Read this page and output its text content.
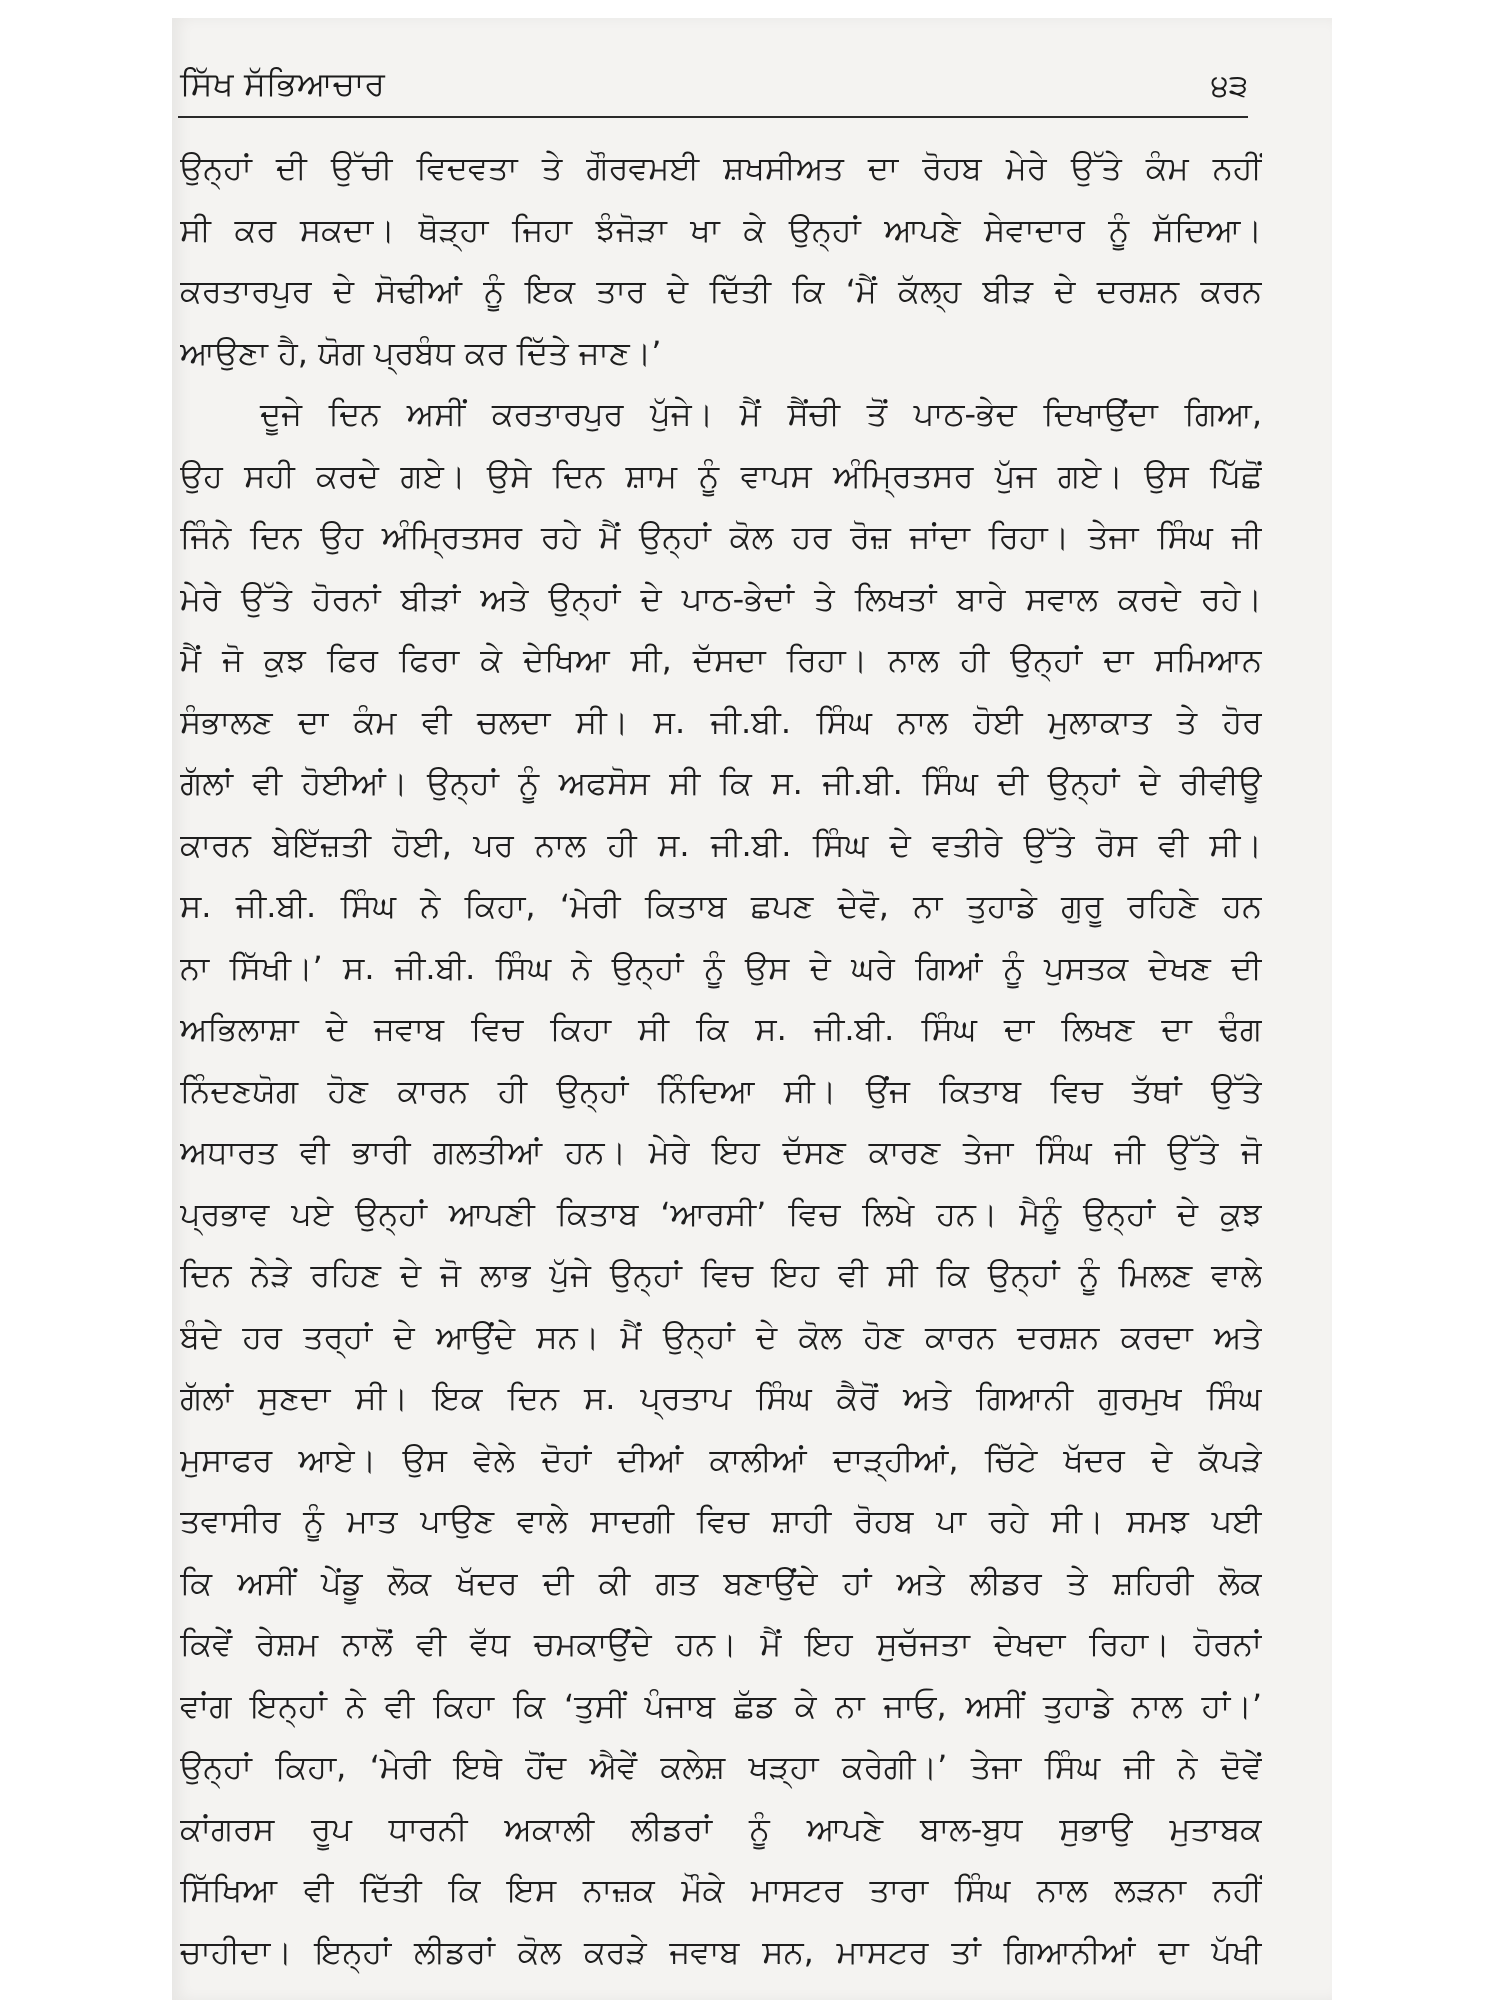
ਸਿੱਖ ਸੱਭਿਆਚਾਰ	੪੩
ਉਨ੍ਹਾਂ ਦੀ ਉੱਚੀ ਵਿਦਵਤਾ ਤੇ ਗੌਰਵਮਈ ਸ਼ਖਸੀਅਤ ਦਾ ਰੋਹਬ ਮੇਰੇ ਉੱਤੇ ਕੰਮ ਨਹੀਂ
ਸੀ ਕਰ ਸਕਦਾ। ਥੋੜ੍ਹਾ ਜਿਹਾ ਝੰਜੋੜਾ ਖਾ ਕੇ ਉਨ੍ਹਾਂ ਆਪਣੇ ਸੇਵਾਦਾਰ ਨੂੰ ਸੱਦਿਆ।
ਕਰਤਾਰਪੁਰ ਦੇ ਸੋਢੀਆਂ ਨੂੰ ਇਕ ਤਾਰ ਦੇ ਦਿੱਤੀ ਕਿ ‘ਮੈਂ ਕੱਲ੍ਹ ਬੀੜ ਦੇ ਦਰਸ਼ਨ ਕਰਨ
ਆਉਣਾ ਹੈ, ਯੋਗ ਪ੍ਰਬੰਧ ਕਰ ਦਿੱਤੇ ਜਾਣ।’
ਦੂਜੇ ਦਿਨ ਅਸੀਂ ਕਰਤਾਰਪੁਰ ਪੁੱਜੇ। ਮੈਂ ਸੈਂਚੀ ਤੋਂ ਪਾਠ-ਭੇਦ ਦਿਖਾਉਂਦਾ ਗਿਆ,
ਉਹ ਸਹੀ ਕਰਦੇ ਗਏ। ਉਸੇ ਦਿਨ ਸ਼ਾਮ ਨੂੰ ਵਾਪਸ ਅੰਮ੍ਰਿਤਸਰ ਪੁੱਜ ਗਏ। ਉਸ ਪਿੱਛੋਂ
ਜਿੰਨੇ ਦਿਨ ਉਹ ਅੰਮ੍ਰਿਤਸਰ ਰਹੇ ਮੈਂ ਉਨ੍ਹਾਂ ਕੋਲ ਹਰ ਰੋਜ਼ ਜਾਂਦਾ ਰਿਹਾ। ਤੇਜਾ ਸਿੰਘ ਜੀ
ਮੇਰੇ ਉੱਤੇ ਹੋਰਨਾਂ ਬੀੜਾਂ ਅਤੇ ਉਨ੍ਹਾਂ ਦੇ ਪਾਠ-ਭੇਦਾਂ ਤੇ ਲਿਖਤਾਂ ਬਾਰੇ ਸਵਾਲ ਕਰਦੇ ਰਹੇ।
ਮੈਂ ਜੋ ਕੁਝ ਫਿਰ ਫਿਰਾ ਕੇ ਦੇਖਿਆ ਸੀ, ਦੱਸਦਾ ਰਿਹਾ। ਨਾਲ ਹੀ ਉਨ੍ਹਾਂ ਦਾ ਸਮਿਆਨ
ਸੰਭਾਲਣ ਦਾ ਕੰਮ ਵੀ ਚਲਦਾ ਸੀ। ਸ. ਜੀ.ਬੀ. ਸਿੰਘ ਨਾਲ ਹੋਈ ਮੁਲਾਕਾਤ ਤੇ ਹੋਰ
ਗੱਲਾਂ ਵੀ ਹੋਈਆਂ। ਉਨ੍ਹਾਂ ਨੂੰ ਅਫਸੋਸ ਸੀ ਕਿ ਸ. ਜੀ.ਬੀ. ਸਿੰਘ ਦੀ ਉਨ੍ਹਾਂ ਦੇ ਰੀਵੀਊ
ਕਾਰਨ ਬੇਇੱਜ਼ਤੀ ਹੋਈ, ਪਰ ਨਾਲ ਹੀ ਸ. ਜੀ.ਬੀ. ਸਿੰਘ ਦੇ ਵਤੀਰੇ ਉੱਤੇ ਰੋਸ ਵੀ ਸੀ।
ਸ. ਜੀ.ਬੀ. ਸਿੰਘ ਨੇ ਕਿਹਾ, ‘ਮੇਰੀ ਕਿਤਾਬ ਛਪਣ ਦੇਵੋ, ਨਾ ਤੁਹਾਡੇ ਗੁਰੂ ਰਹਿਣੇ ਹਨ
ਨਾ ਸਿੱਖੀ।’ ਸ. ਜੀ.ਬੀ. ਸਿੰਘ ਨੇ ਉਨ੍ਹਾਂ ਨੂੰ ਉਸ ਦੇ ਘਰੇ ਗਿਆਂ ਨੂੰ ਪੁਸਤਕ ਦੇਖਣ ਦੀ
ਅਭਿਲਾਸ਼ਾ ਦੇ ਜਵਾਬ ਵਿਚ ਕਿਹਾ ਸੀ ਕਿ ਸ. ਜੀ.ਬੀ. ਸਿੰਘ ਦਾ ਲਿਖਣ ਦਾ ਢੰਗ
ਨਿੰਦਣਯੋਗ ਹੋਣ ਕਾਰਨ ਹੀ ਉਨ੍ਹਾਂ ਨਿੰਦਿਆ ਸੀ। ਉਂਜ ਕਿਤਾਬ ਵਿਚ ਤੱਥਾਂ ਉੱਤੇ
ਅਧਾਰਤ ਵੀ ਭਾਰੀ ਗਲਤੀਆਂ ਹਨ। ਮੇਰੇ ਇਹ ਦੱਸਣ ਕਾਰਣ ਤੇਜਾ ਸਿੰਘ ਜੀ ਉੱਤੇ ਜੋ
ਪ੍ਰਭਾਵ ਪਏ ਉਨ੍ਹਾਂ ਆਪਣੀ ਕਿਤਾਬ ‘ਆਰਸੀ’ ਵਿਚ ਲਿਖੇ ਹਨ। ਮੈਨੂੰ ਉਨ੍ਹਾਂ ਦੇ ਕੁਝ
ਦਿਨ ਨੇੜੇ ਰਹਿਣ ਦੇ ਜੋ ਲਾਭ ਪੁੱਜੇ ਉਨ੍ਹਾਂ ਵਿਚ ਇਹ ਵੀ ਸੀ ਕਿ ਉਨ੍ਹਾਂ ਨੂੰ ਮਿਲਣ ਵਾਲੇ
ਬੰਦੇ ਹਰ ਤਰ੍ਹਾਂ ਦੇ ਆਉਂਦੇ ਸਨ। ਮੈਂ ਉਨ੍ਹਾਂ ਦੇ ਕੋਲ ਹੋਣ ਕਾਰਨ ਦਰਸ਼ਨ ਕਰਦਾ ਅਤੇ
ਗੱਲਾਂ ਸੁਣਦਾ ਸੀ। ਇਕ ਦਿਨ ਸ. ਪ੍ਰਤਾਪ ਸਿੰਘ ਕੈਰੋਂ ਅਤੇ ਗਿਆਨੀ ਗੁਰਮੁਖ ਸਿੰਘ
ਮੁਸਾਫਰ ਆਏ। ਉਸ ਵੇਲੇ ਦੋਹਾਂ ਦੀਆਂ ਕਾਲੀਆਂ ਦਾੜ੍ਹੀਆਂ, ਚਿੱਟੇ ਖੱਦਰ ਦੇ ਕੱਪੜੇ
ਤਵਾਸੀਰ ਨੂੰ ਮਾਤ ਪਾਉਣ ਵਾਲੇ ਸਾਦਗੀ ਵਿਚ ਸ਼ਾਹੀ ਰੋਹਬ ਪਾ ਰਹੇ ਸੀ। ਸਮਝ ਪਈ
ਕਿ ਅਸੀਂ ਪੇਂਡੂ ਲੋਕ ਖੱਦਰ ਦੀ ਕੀ ਗਤ ਬਣਾਉਂਦੇ ਹਾਂ ਅਤੇ ਲੀਡਰ ਤੇ ਸ਼ਹਿਰੀ ਲੋਕ
ਕਿਵੇਂ ਰੇਸ਼ਮ ਨਾਲੋਂ ਵੀ ਵੱਧ ਚਮਕਾਉਂਦੇ ਹਨ। ਮੈਂ ਇਹ ਸੁਚੱਜਤਾ ਦੇਖਦਾ ਰਿਹਾ। ਹੋਰਨਾਂ
ਵਾਂਗ ਇਨ੍ਹਾਂ ਨੇ ਵੀ ਕਿਹਾ ਕਿ ‘ਤੁਸੀਂ ਪੰਜਾਬ ਛੱਡ ਕੇ ਨਾ ਜਾਓ, ਅਸੀਂ ਤੁਹਾਡੇ ਨਾਲ ਹਾਂ।’
ਉਨ੍ਹਾਂ ਕਿਹਾ, ‘ਮੇਰੀ ਇਥੇ ਹੋਂਦ ਐਵੇਂ ਕਲੇਸ਼ ਖੜ੍ਹਾ ਕਰੇਗੀ।’ ਤੇਜਾ ਸਿੰਘ ਜੀ ਨੇ ਦੋਵੇਂ
ਕਾਂਗਰਸ ਰੂਪ ਧਾਰਨੀ ਅਕਾਲੀ ਲੀਡਰਾਂ ਨੂੰ ਆਪਣੇ ਬਾਲ-ਬੁਧ ਸੁਭਾਉ ਮੁਤਾਬਕ
ਸਿੱਖਿਆ ਵੀ ਦਿੱਤੀ ਕਿ ਇਸ ਨਾਜ਼ਕ ਮੌਕੇ ਮਾਸਟਰ ਤਾਰਾ ਸਿੰਘ ਨਾਲ ਲੜਨਾ ਨਹੀਂ
ਚਾਹੀਦਾ। ਇਨ੍ਹਾਂ ਲੀਡਰਾਂ ਕੋਲ ਕਰੜੇ ਜਵਾਬ ਸਨ, ਮਾਸਟਰ ਤਾਂ ਗਿਆਨੀਆਂ ਦਾ ਪੱਖੀ
